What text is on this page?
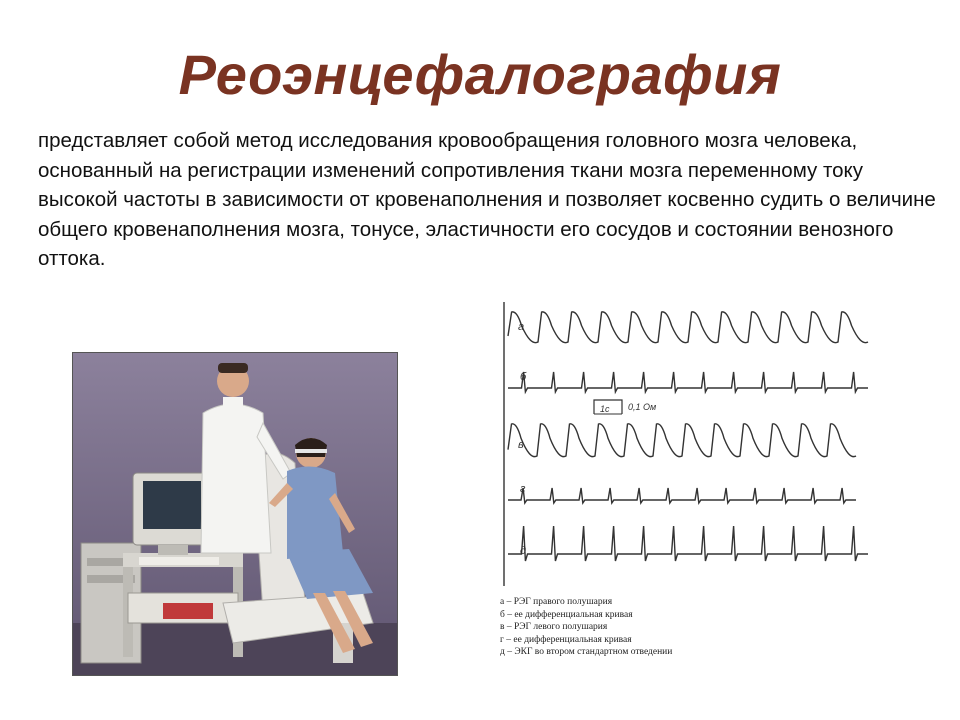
Реоэнцефалография
представляет собой метод исследования кровообращения головного мозга человека, основанный на регистрации изменений сопротивления ткани мозга переменному току высокой частоты в зависимости от кровенаполнения и позволяет косвенно судить о величине общего кровенаполнения мозга, тонусе, эластичности его сосудов и состоянии венозного оттока.
а
б
в
г
д
1с 0,1 Ом
а – РЭГ правого полушария
б – ее дифференциальная кривая
в – РЭГ левого полушария
г – ее дифференциальная кривая
д – ЭКГ во втором стандартном отведении
